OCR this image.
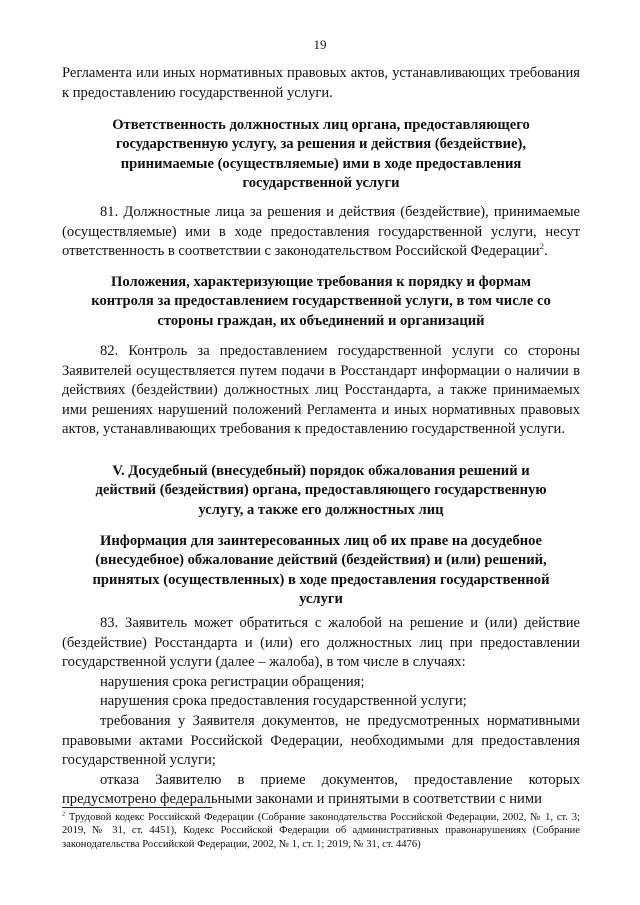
19

Регламента или иных нормативных правовых актов, устанавливающих требования к предоставлению государственной услуги.

Ответственность должностных лиц органа, предоставляющего
государственную услугу, за решения и действия (бездействие),
принимаемые (осуществляемые) ими в ходе предоставления
государственной услуги

81. Должностные лица за решения и действия (бездействие), принимаемые (осуществляемые) ими в ходе предоставления государственной услуги, несут ответственность в соответствии с законодательством Российской Федерации$^2$.

Положения, характеризующие требования к порядку и формам
контроля за предоставлением государственной услуги, в том числе со
стороны граждан, их объединений и организаций

82. Контроль за предоставлением государственной услуги со стороны Заявителей осуществляется путем подачи в Росстандарт информации о наличии в действиях (бездействии) должностных лиц Росстандарта, а также принимаемых ими решениях нарушений положений Регламента и иных нормативных правовых актов, устанавливающих требования к предоставлению государственной услуги.

V. Досудебный (внесудебный) порядок обжалования решений и
действий (бездействия) органа, предоставляющего государственную
услугу, а также его должностных лиц
Информация для заинтересованных лиц об их праве на досудебное
(внесудебное) обжалование действий (бездействия) и (или) решений,
принятых (осуществленных) в ходе предоставления государственной
услуги

83. Заявитель может обратиться с жалобой на решение и (или) действие (бездействие) Росстандарта и (или) его должностных лиц при предоставлении государственной услуги (далее – жалоба), в том числе в случаях:

нарушения срока регистрации обращения;

нарушения срока предоставления государственной услуги;

требования у Заявителя документов, не предусмотренных нормативными правовыми актами Российской Федерации, необходимыми для предоставления государственной услуги;

отказа Заявителю в приеме документов, предоставление которых предусмотрено федеральными законами и принятыми в соответствии с ними

$^2$ Трудовой кодекс Российской Федерации (Собрание законодательства Российской Федерации, 2002, № 1, ст. 3; 2019, № 31, ст. 4451), Кодекс Российской Федерации об административных правонарушениях (Собрание законодательства Российской Федерации, 2002, № 1, ст. 1; 2019, № 31, ст. 4476)
